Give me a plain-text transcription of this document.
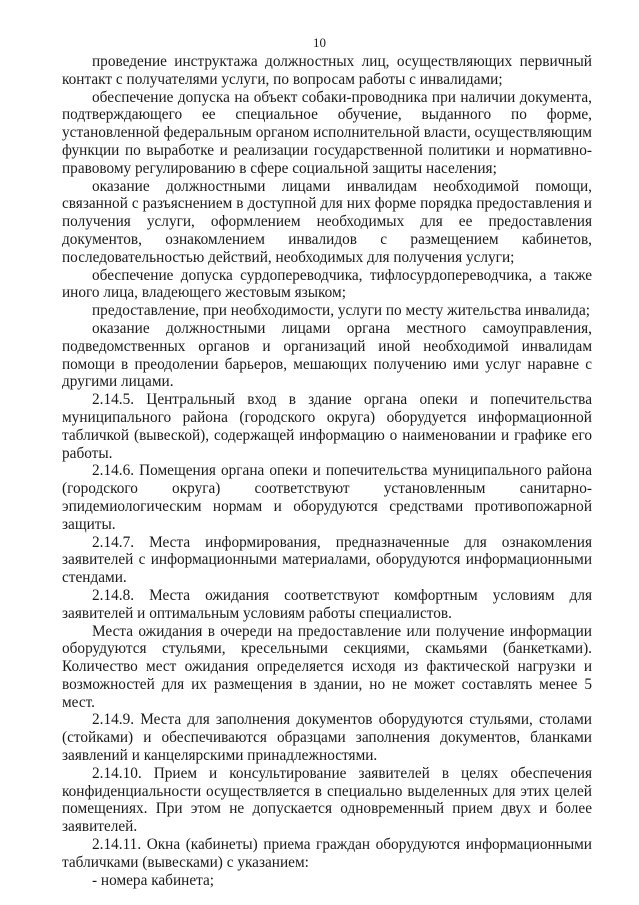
10

проведение инструктажа должностных лиц, осуществляющих первичный контакт с получателями услуги, по вопросам работы с инвалидами;

обеспечение допуска на объект собаки-проводника при наличии документа, подтверждающего ее специальное обучение, выданного по форме, установленной федеральным органом исполнительной власти, осуществляющим функции по выработке и реализации государственной политики и нормативно-правовому регулированию в сфере социальной защиты населения;

оказание должностными лицами инвалидам необходимой помощи, связанной с разъяснением в доступной для них форме порядка предоставления и получения услуги, оформлением необходимых для ее предоставления документов, ознакомлением инвалидов с размещением кабинетов, последовательностью действий, необходимых для получения услуги;

обеспечение допуска сурдопереводчика, тифлосурдопереводчика, а также иного лица, владеющего жестовым языком;

предоставление, при необходимости, услуги по месту жительства инвалида;

оказание должностными лицами органа местного самоуправления, подведомственных органов и организаций иной необходимой инвалидам помощи в преодолении барьеров, мешающих получению ими услуг наравне с другими лицами.

2.14.5. Центральный вход в здание органа опеки и попечительства муниципального района (городского округа) оборудуется информационной табличкой (вывеской), содержащей информацию о наименовании и графике его работы.

2.14.6. Помещения органа опеки и попечительства муниципального района (городского округа) соответствуют установленным санитарно-эпидемиологическим нормам и оборудуются средствами противопожарной защиты.

2.14.7. Места информирования, предназначенные для ознакомления заявителей с информационными материалами, оборудуются информационными стендами.

2.14.8. Места ожидания соответствуют комфортным условиям для заявителей и оптимальным условиям работы специалистов.

Места ожидания в очереди на предоставление или получение информации оборудуются стульями, кресельными секциями, скамьями (банкетками). Количество мест ожидания определяется исходя из фактической нагрузки и возможностей для их размещения в здании, но не может составлять менее 5 мест.

2.14.9. Места для заполнения документов оборудуются стульями, столами (стойками) и обеспечиваются образцами заполнения документов, бланками заявлений и канцелярскими принадлежностями.

2.14.10. Прием и консультирование заявителей в целях обеспечения конфиденциальности осуществляется в специально выделенных для этих целей помещениях. При этом не допускается одновременный прием двух и более заявителей.

2.14.11. Окна (кабинеты) приема граждан оборудуются информационными табличками (вывесками) с указанием:

- номера кабинета;
